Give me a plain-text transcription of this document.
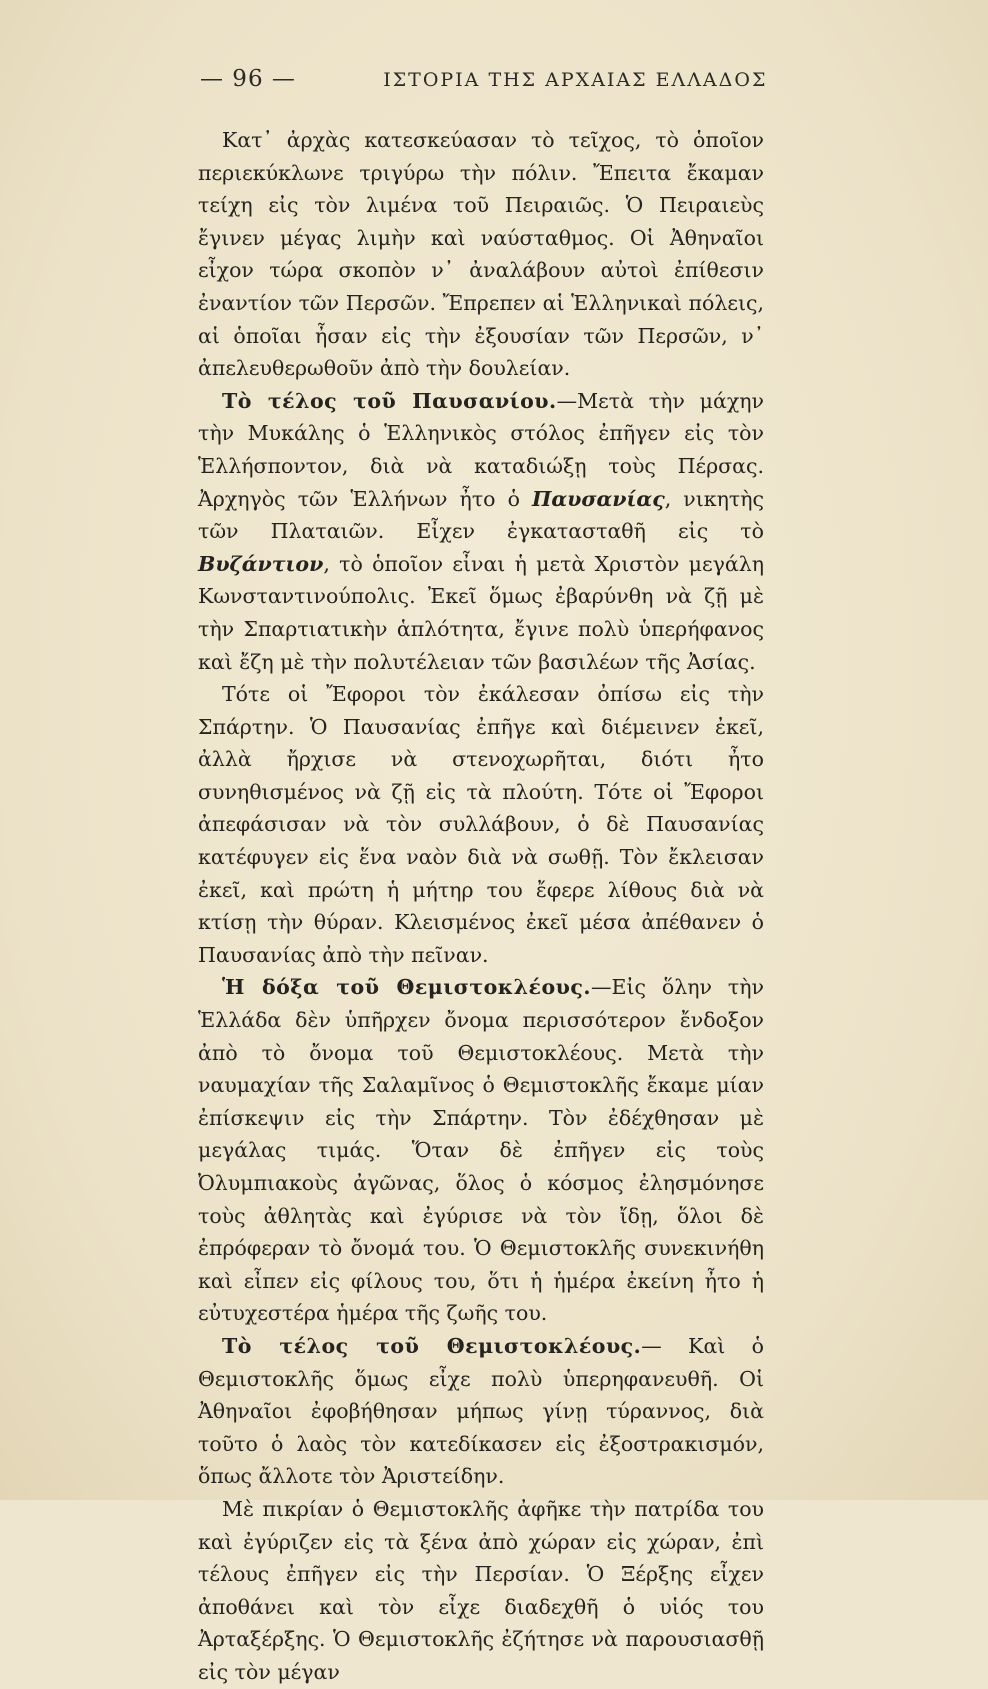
— 96 —	ΙΣΤΟΡΙΑ ΤΗΣ ΑΡΧΑΙΑΣ ΕΛΛΑΔΟΣ

Κατ᾽ ἀρχὰς κατεσκεύασαν τὸ τεῖχος, τὸ ὁποῖον περιεκύκλωνε τριγύρω τὴν πόλιν. Ἔπειτα ἔκαμαν τείχη εἰς τὸν λιμένα τοῦ Πειραιῶς. Ὁ Πειραιεὺς ἔγινεν μέγας λιμὴν καὶ ναύσταθμος. Οἱ Ἀθηναῖοι εἶχον τώρα σκοπὸν ν᾽ ἀναλάβουν αὐτοὶ ἐπίθεσιν ἐναντίον τῶν Περσῶν. Ἔπρεπεν αἱ Ἑλληνικαὶ πόλεις, αἱ ὁποῖαι ἦσαν εἰς τὴν ἐξουσίαν τῶν Περσῶν, ν᾽ ἀπελευθερωθοῦν ἀπὸ τὴν δουλείαν.

Τὸ τέλος τοῦ Παυσανίου.—Μετὰ τὴν μάχην τὴν Μυκάλης ὁ Ἑλληνικὸς στόλος ἐπῆγεν εἰς τὸν Ἑλλήσποντον, διὰ νὰ καταδιώξῃ τοὺς Πέρσας. Ἀρχηγὸς τῶν Ἑλλήνων ἦτο ὁ Παυσανίας, νικητὴς τῶν Πλαταιῶν. Εἶχεν ἐγκατασταθῆ εἰς τὸ Βυζάντιον, τὸ ὁποῖον εἶναι ἡ μετὰ Χριστὸν μεγάλη Κωνσταντινούπολις. Ἐκεῖ ὅμως ἐβαρύνθη νὰ ζῇ μὲ τὴν Σπαρτιατικὴν ἁπλότητα, ἔγινε πολὺ ὑπερήφανος καὶ ἔζη μὲ τὴν πολυτέλειαν τῶν βασιλέων τῆς Ἀσίας.

Τότε οἱ Ἔφοροι τὸν ἐκάλεσαν ὀπίσω εἰς τὴν Σπάρτην. Ὁ Παυσανίας ἐπῆγε καὶ διέμεινεν ἐκεῖ, ἀλλὰ ἤρχισε νὰ στενοχωρῆται, διότι ἦτο συνηθισμένος νὰ ζῇ εἰς τὰ πλούτη. Τότε οἱ Ἔφοροι ἀπεφάσισαν νὰ τὸν συλλάβουν, ὁ δὲ Παυσανίας κατέφυγεν εἰς ἕνα ναὸν διὰ νὰ σωθῇ. Τὸν ἔκλεισαν ἐκεῖ, καὶ πρώτη ἡ μήτηρ του ἔφερε λίθους διὰ νὰ κτίσῃ τὴν θύραν. Κλεισμένος ἐκεῖ μέσα ἀπέθανεν ὁ Παυσανίας ἀπὸ τὴν πεῖναν.

Ἡ δόξα τοῦ Θεμιστοκλέους.—Εἰς ὅλην τὴν Ἑλλάδα δὲν ὑπῆρχεν ὄνομα περισσότερον ἔνδοξον ἀπὸ τὸ ὄνομα τοῦ Θεμιστοκλέους. Μετὰ τὴν ναυμαχίαν τῆς Σαλαμῖνος ὁ Θεμιστοκλῆς ἔκαμε μίαν ἐπίσκεψιν εἰς τὴν Σπάρτην. Τὸν ἐδέχθησαν μὲ μεγάλας τιμάς. Ὅταν δὲ ἐπῆγεν εἰς τοὺς Ὀλυμπιακοὺς ἀγῶνας, ὅλος ὁ κόσμος ἐλησμόνησε τοὺς ἀθλητὰς καὶ ἐγύρισε νὰ τὸν ἴδῃ, ὅλοι δὲ ἐπρόφεραν τὸ ὄνομά του. Ὁ Θεμιστοκλῆς συνεκινήθη καὶ εἶπεν εἰς φίλους του, ὅτι ἡ ἡμέρα ἐκείνη ἦτο ἡ εὐτυχεστέρα ἡμέρα τῆς ζωῆς του.

Τὸ τέλος τοῦ Θεμιστοκλέους.— Καὶ ὁ Θεμιστοκλῆς ὅμως εἶχε πολὺ ὑπερηφανευθῆ. Οἱ Ἀθηναῖοι ἐφοβήθησαν μήπως γίνῃ τύραννος, διὰ τοῦτο ὁ λαὸς τὸν κατεδίκασεν εἰς ἐξοστρακισμόν, ὅπως ἄλλοτε τὸν Ἀριστείδην.

Μὲ πικρίαν ὁ Θεμιστοκλῆς ἀφῆκε τὴν πατρίδα του καὶ ἐγύριζεν εἰς τὰ ξένα ἀπὸ χώραν εἰς χώραν, ἐπὶ τέλους ἐπῆγεν εἰς τὴν Περσίαν. Ὁ Ξέρξης εἶχεν ἀποθάνει καὶ τὸν εἶχε διαδεχθῆ ὁ υἱός του Ἀρταξέρξης. Ὁ Θεμιστοκλῆς ἐζήτησε νὰ παρουσιασθῇ εἰς τὸν μέγαν
